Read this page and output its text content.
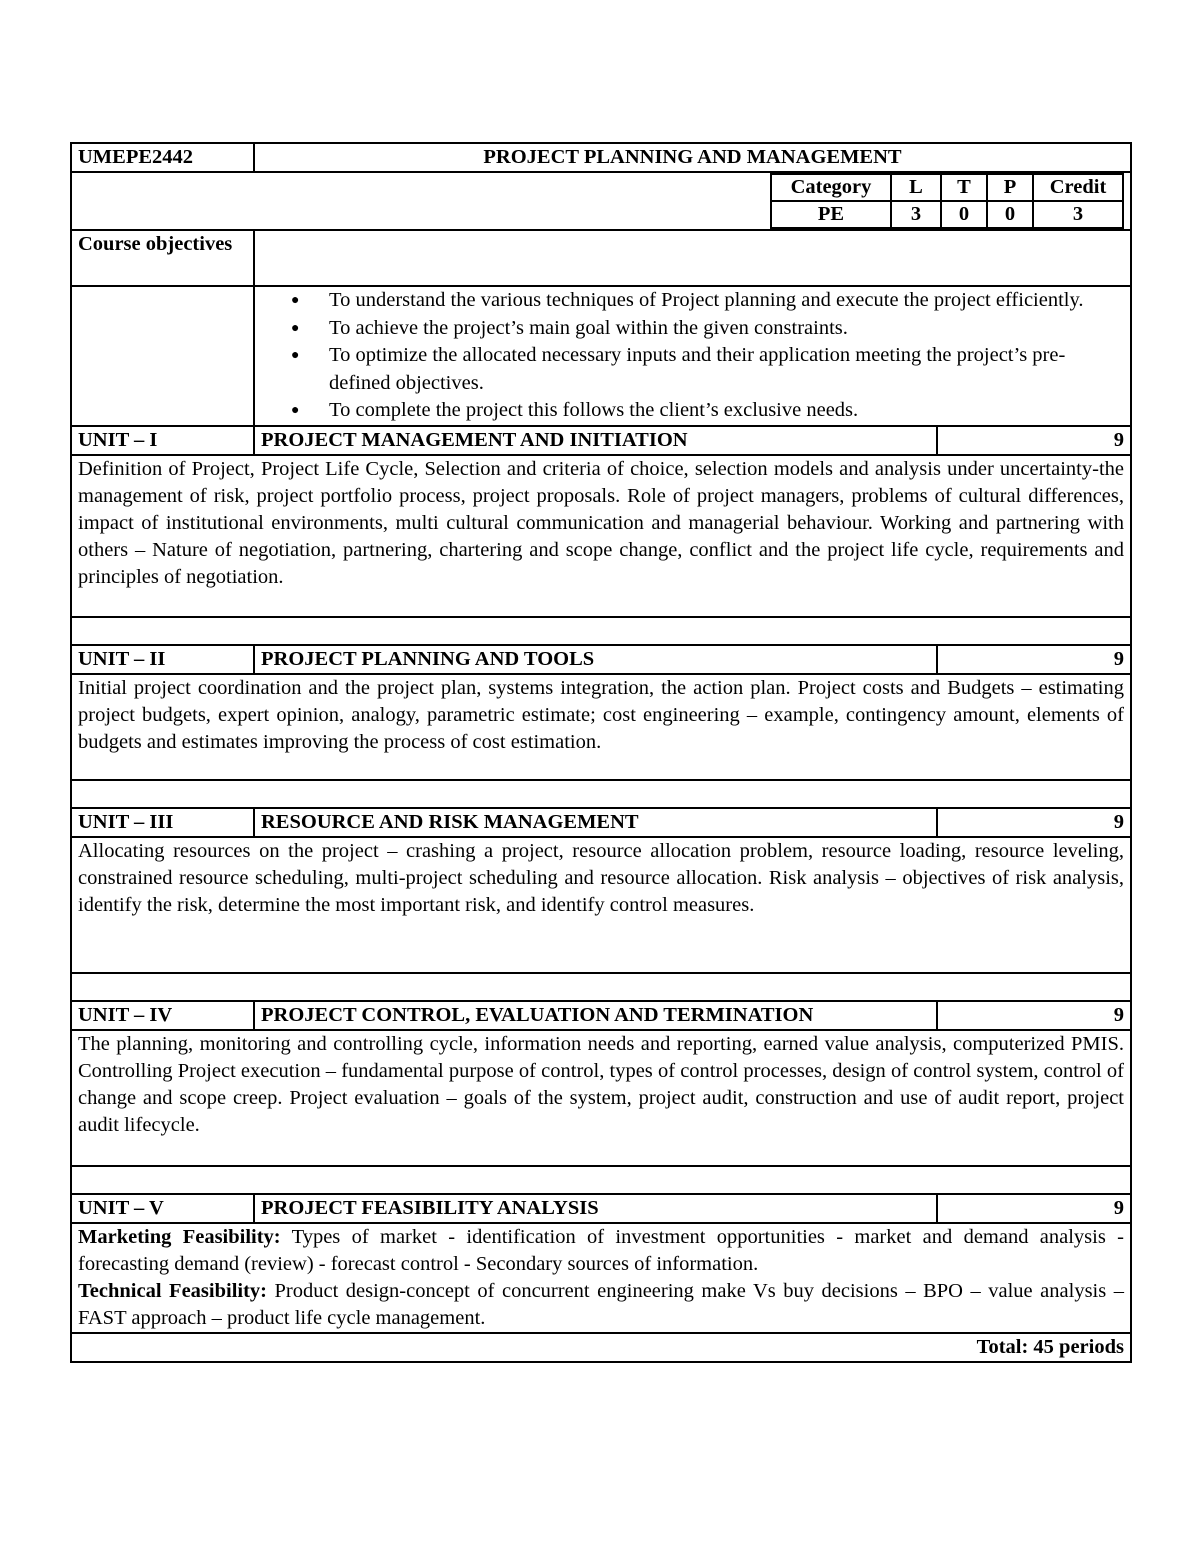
UMEPE2442	PROJECT PLANNING AND MANAGEMENT

Category	L	T	P	Credit
PE	3	0	0	3

Course objectives	

● To understand the various techniques of Project planning and execute the project efficiently.
● To achieve the project’s main goal within the given constraints.
● To optimize the allocated necessary inputs and their application meeting the project’s pre-defined objectives.
● To complete the project this follows the client’s exclusive needs.

UNIT – I	PROJECT MANAGEMENT AND INITIATION	9
Definition of Project, Project Life Cycle, Selection and criteria of choice, selection models and analysis under uncertainty-the management of risk, project portfolio process, project proposals. Role of project managers, problems of cultural differences, impact of institutional environments, multi cultural communication and managerial behaviour. Working and partnering with others – Nature of negotiation, partnering, chartering and scope change, conflict and the project life cycle, requirements and principles of negotiation.

UNIT – II	PROJECT PLANNING AND TOOLS	9
Initial project coordination and the project plan, systems integration, the action plan. Project costs and Budgets – estimating project budgets, expert opinion, analogy, parametric estimate; cost engineering – example, contingency amount, elements of budgets and estimates improving the process of cost estimation.

UNIT – III	RESOURCE AND RISK MANAGEMENT	9
Allocating resources on the project – crashing a project, resource allocation problem, resource loading, resource leveling, constrained resource scheduling, multi-project scheduling and resource allocation. Risk analysis – objectives of risk analysis, identify the risk, determine the most important risk, and identify control measures.

UNIT – IV	PROJECT CONTROL, EVALUATION AND TERMINATION	9
The planning, monitoring and controlling cycle, information needs and reporting, earned value analysis, computerized PMIS. Controlling Project execution – fundamental purpose of control, types of control processes, design of control system, control of change and scope creep. Project evaluation – goals of the system, project audit, construction and use of audit report, project audit lifecycle.

UNIT – V	PROJECT FEASIBILITY ANALYSIS	9

Marketing Feasibility: Types of market - identification of investment opportunities - market and demand analysis - forecasting demand (review) - forecast control - Secondary sources of information.

Technical Feasibility: Product design-concept of concurrent engineering make Vs buy decisions – BPO – value analysis – FAST approach – product life cycle management.

Total: 45 periods
